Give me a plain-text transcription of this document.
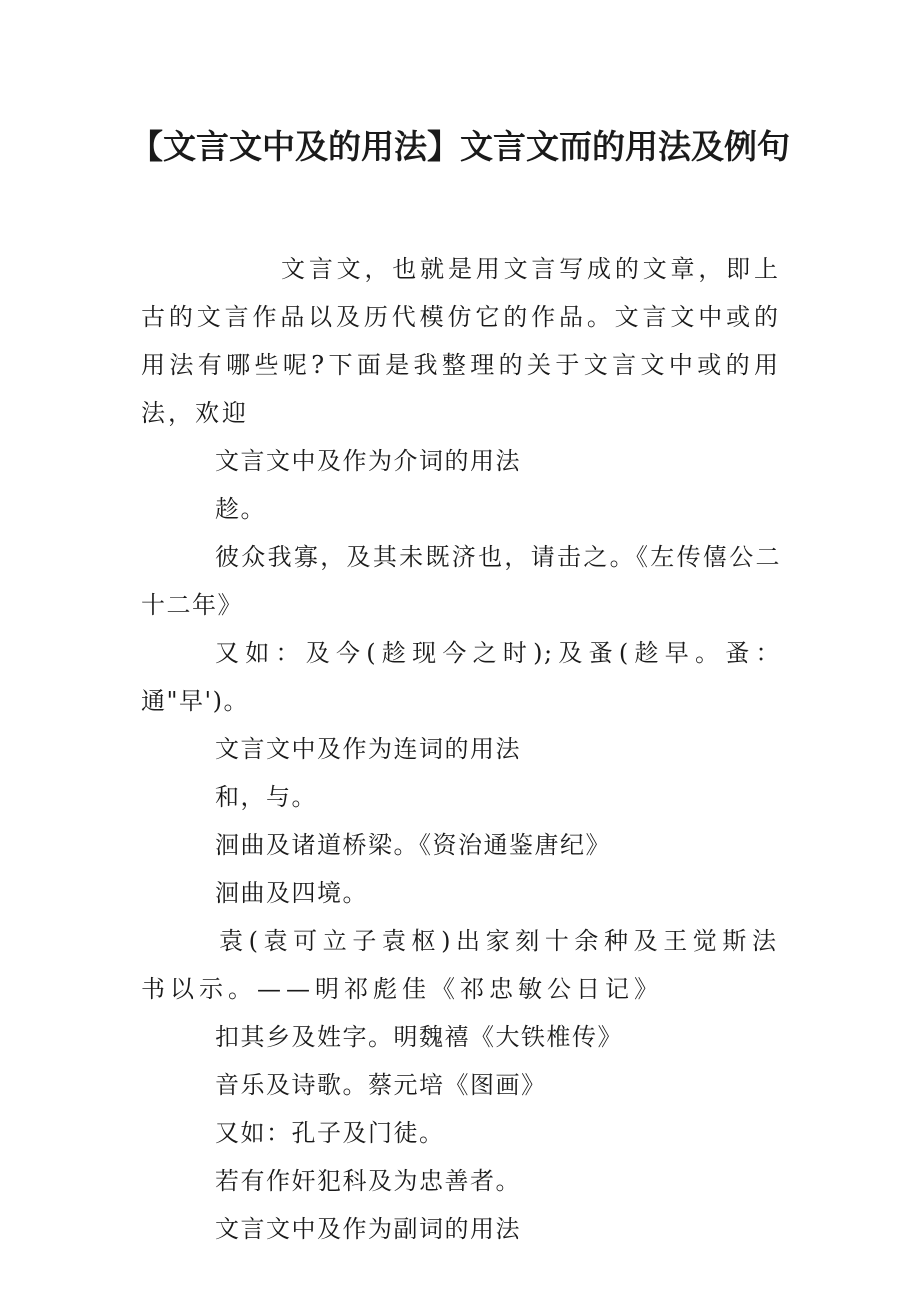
【文言文中及的用法】文言文而的用法及例句

文言文，也就是用文言写成的文章，即上古的文言作品以及历代模仿它的作品。文言文中或的用法有哪些呢?下面是我整理的关于文言文中或的用法，欢迎

文言文中及作为介词的用法

趁。

彼众我寡，及其未既济也，请击之。《左传僖公二十二年》

又如：及今(趁现今之时);及蚤(趁早。蚤：通"早')。

文言文中及作为连词的用法

和，与。

洄曲及诸道桥梁。《资治通鉴唐纪》

洄曲及四境。

袁(袁可立子袁枢)出家刻十余种及王觉斯法书以示。——明祁彪佳《祁忠敏公日记》

扣其乡及姓字。明魏禧《大铁椎传》

音乐及诗歌。蔡元培《图画》

又如：孔子及门徒。

若有作奸犯科及为忠善者。

文言文中及作为副词的用法
